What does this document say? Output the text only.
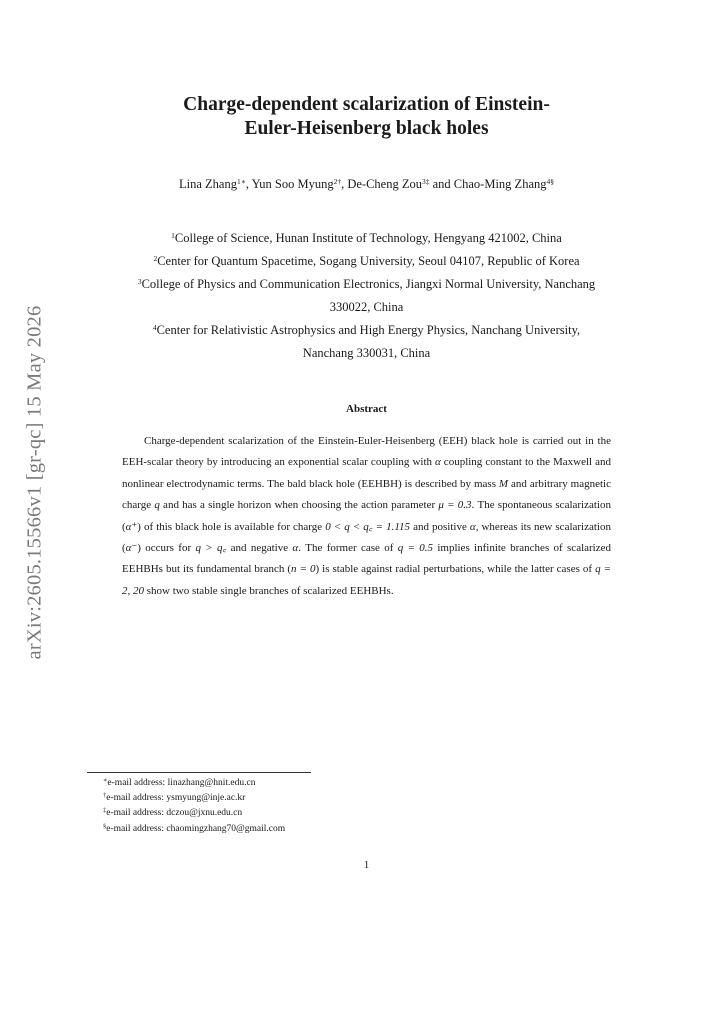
arXiv:2605.15566v1 [gr-qc] 15 May 2026
Charge-dependent scalarization of Einstein-
Euler-Heisenberg black holes
Lina Zhang$^{1∗}$, Yun Soo Myung$^{2\dagger}$, De-Cheng Zou$^{3\ddagger}$ and Chao-Ming Zhang$^{4\S}$
$^1$College of Science, Hunan Institute of Technology, Hengyang 421002, China
$^2$Center for Quantum Spacetime, Sogang University, Seoul 04107, Republic of Korea
$^3$College of Physics and Communication Electronics, Jiangxi Normal University, Nanchang
330022, China
$^4$Center for Relativistic Astrophysics and High Energy Physics, Nanchang University,
Nanchang 330031, China
Abstract

Charge-dependent scalarization of the Einstein-Euler-Heisenberg (EEH) black hole is carried out in the EEH-scalar theory by introducing an exponential scalar coupling with α coupling constant to the Maxwell and nonlinear electrodynamic terms. The bald black hole (EEHBH) is described by mass M and arbitrary magnetic charge q and has a single horizon when choosing the action parameter μ = 0.3. The spontaneous scalarization (α⁺) of this black hole is available for charge 0 < q < q꜀ = 1.115 and positive α, whereas its new scalarization (α⁻) occurs for q > q꜀ and negative α. The former case of q = 0.5 implies infinite branches of scalarized EEHBHs but its fundamental branch (n = 0) is stable against radial perturbations, while the latter cases of q = 2, 20 show two stable single branches of scalarized EEHBHs.

∗e-mail address: linazhang@hnit.edu.cn
†e-mail address: ysmyung@inje.ac.kr
‡e-mail address: dczou@jxnu.edu.cn
§e-mail address: chaomingzhang70@gmail.com
1
